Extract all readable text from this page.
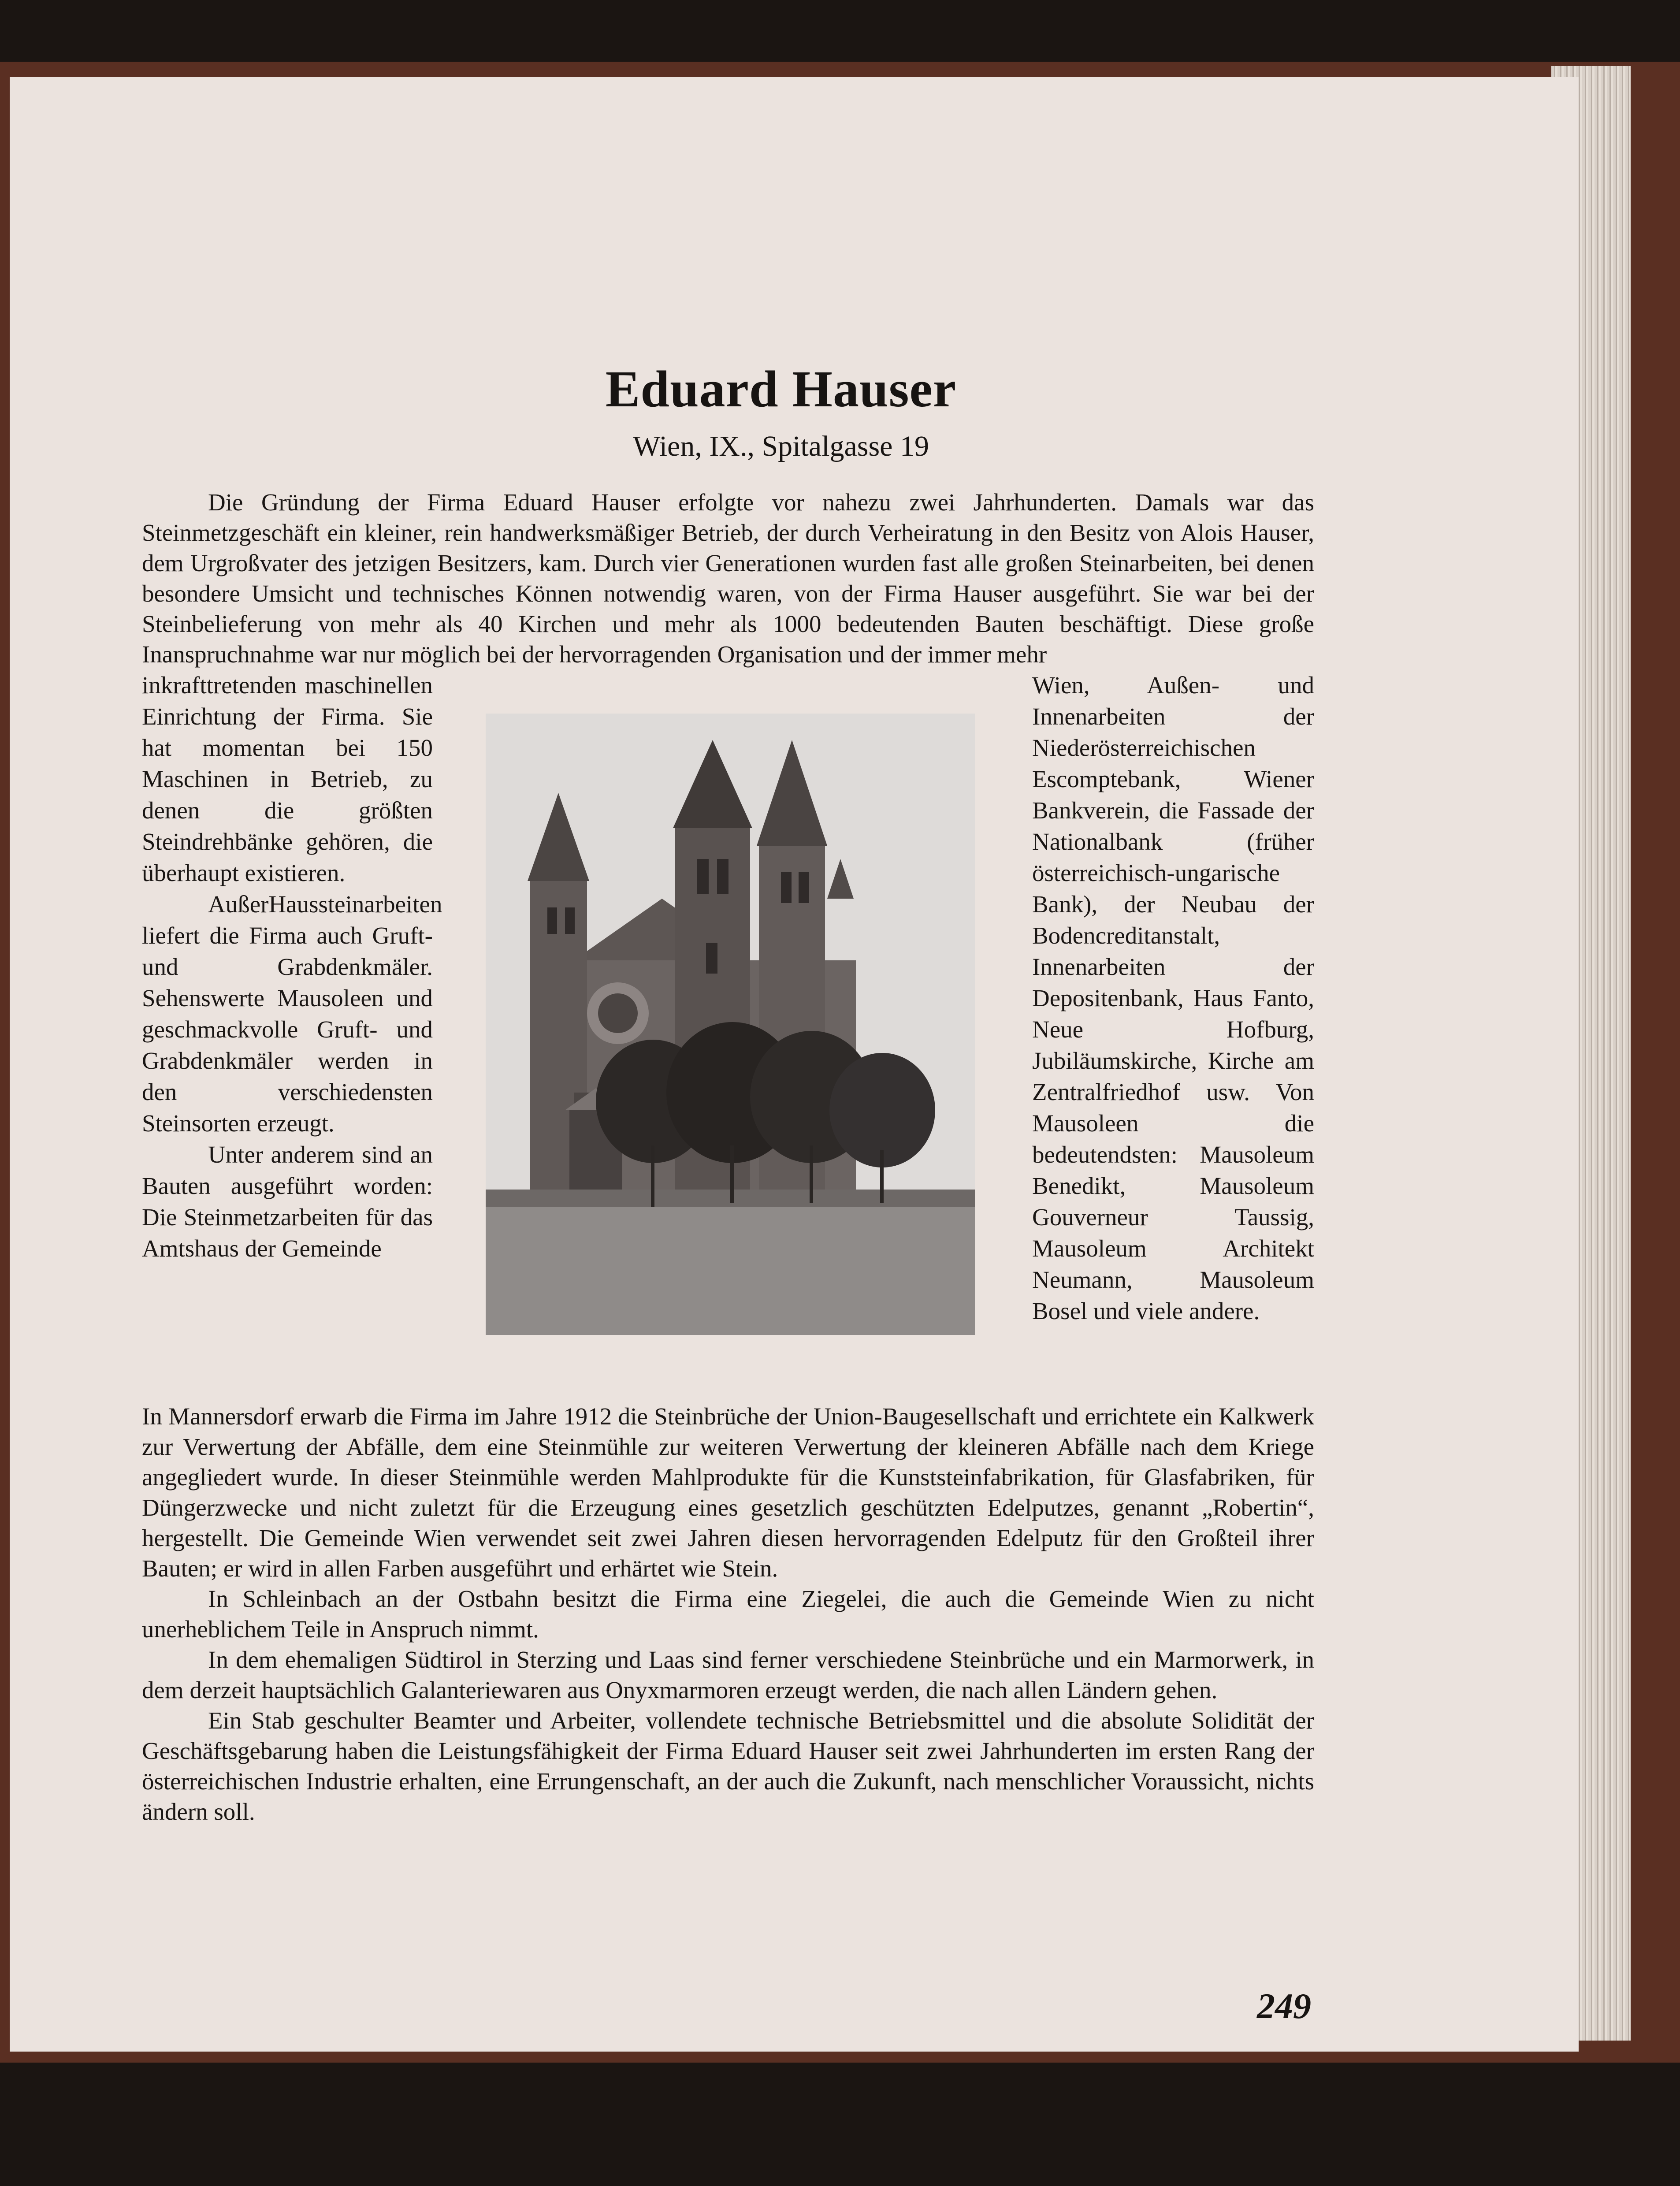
Eduard Hauser
Wien, IX., Spitalgasse 19

Die Gründung der Firma Eduard Hauser erfolgte vor nahezu zwei Jahrhunderten. Damals war das Steinmetzgeschäft ein kleiner, rein handwerksmäßiger Betrieb, der durch Verheiratung in den Besitz von Alois Hauser, dem Urgroßvater des jetzigen Besitzers, kam. Durch vier Generationen wurden fast alle großen Steinarbeiten, bei denen besondere Umsicht und technisches Können notwendig waren, von der Firma Hauser ausgeführt. Sie war bei der Steinbelieferung von mehr als 40 Kirchen und mehr als 1000 bedeutenden Bauten beschäftigt. Diese große Inanspruchnahme war nur möglich bei der hervorragenden Organisation und der immer mehr

inkrafttretenden maschinellen Einrichtung der Firma. Sie hat momentan bei 150 Maschinen in Betrieb, zu denen die größten Steindrehbänke gehören, die überhaupt existieren.

AußerHaussteinarbeiten liefert die Firma auch Gruft- und Grabdenkmäler. Sehenswerte Mausoleen und geschmackvolle Gruft- und Grabdenkmäler werden in den verschiedensten Steinsorten erzeugt.

Unter anderem sind an Bauten ausgeführt worden: Die Steinmetzarbeiten für das Amtshaus der Gemeinde

Wien, Außen- und Innenarbeiten der Niederösterreichischen Escomptebank, Wiener Bankverein, die Fassade der Nationalbank (früher österreichisch-ungarische Bank), der Neubau der Bodencreditanstalt, Innenarbeiten der Depositenbank, Haus Fanto, Neue Hofburg, Jubiläumskirche, Kirche am Zentralfriedhof usw. Von Mausoleen die bedeutendsten: Mausoleum Benedikt, Mausoleum Gouverneur Taussig, Mausoleum Architekt Neumann, Mausoleum Bosel und viele andere.

In Mannersdorf erwarb die Firma im Jahre 1912 die Steinbrüche der Union-Baugesellschaft und errichtete ein Kalkwerk zur Verwertung der Abfälle, dem eine Steinmühle zur weiteren Verwertung der kleineren Abfälle nach dem Kriege angegliedert wurde. In dieser Steinmühle werden Mahlprodukte für die Kunststeinfabrikation, für Glasfabriken, für Düngerzwecke und nicht zuletzt für die Erzeugung eines gesetzlich geschützten Edelputzes, genannt „Robertin“, hergestellt. Die Gemeinde Wien verwendet seit zwei Jahren diesen hervorragenden Edelputz für den Großteil ihrer Bauten; er wird in allen Farben ausgeführt und erhärtet wie Stein.

In Schleinbach an der Ostbahn besitzt die Firma eine Ziegelei, die auch die Gemeinde Wien zu nicht unerheblichem Teile in Anspruch nimmt.

In dem ehemaligen Südtirol in Sterzing und Laas sind ferner verschiedene Steinbrüche und ein Marmorwerk, in dem derzeit hauptsächlich Galanteriewaren aus Onyxmarmoren erzeugt werden, die nach allen Ländern gehen.

Ein Stab geschulter Beamter und Arbeiter, vollendete technische Betriebsmittel und die absolute Solidität der Geschäftsgebarung haben die Leistungsfähigkeit der Firma Eduard Hauser seit zwei Jahrhunderten im ersten Rang der österreichischen Industrie erhalten, eine Errungenschaft, an der auch die Zukunft, nach menschlicher Voraussicht, nichts ändern soll.

249
